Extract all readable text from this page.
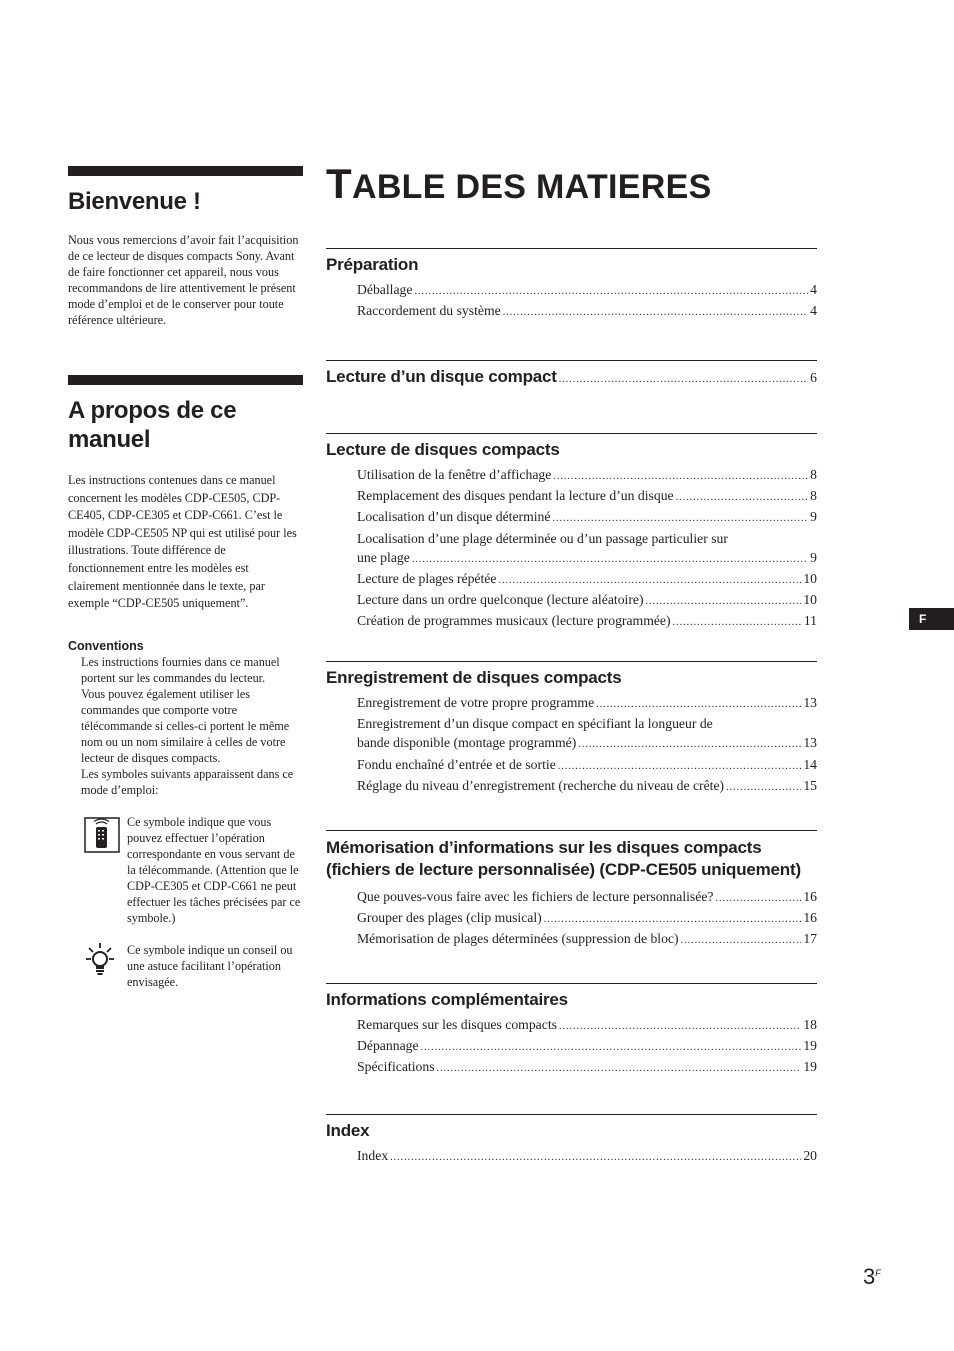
Bienvenue !

Nous vous remercions d’avoir fait l’acquisition de ce lecteur de disques compacts Sony. Avant de faire fonctionner cet appareil, nous vous recommandons de lire attentivement le présent mode d’emploi et de le conserver pour toute référence ultérieure.

A propos de ce
manuel

Les instructions contenues dans ce manuel concernent les modèles CDP-CE505, CDP-CE405, CDP-CE305 et CDP-C661. C’est le modèle CDP-CE505 NP qui est utilisé pour les illustrations. Toute différence de fonctionnement entre les modèles est clairement mentionnée dans le texte, par exemple “CDP-CE505 uniquement”.

Conventions
Les instructions fournies dans ce manuel portent sur les commandes du lecteur.
Vous pouvez également utiliser les commandes que comporte votre télécommande si celles-ci portent le même nom ou un nom similaire à celles de votre lecteur de disques compacts.
Les symboles suivants apparaissent dans ce mode d’emploi:
Ce symbole indique que vous pouvez effectuer l’opération correspondante en vous servant de la télécommande. (Attention que le CDP-CE305 et CDP-C661 ne peut effectuer les tâches précisées par ce symbole.)
Ce symbole indique un conseil ou une astuce facilitant l’opération envisagée.
TABLE DES MATIERES
Préparation
Déballage .....	4
Raccordement du système .....	4
Lecture d’un disque compact .....	6
Lecture de disques compacts
Utilisation de la fenêtre d’affichage .....	8
Remplacement des disques pendant la lecture d’un disque .....	8
Localisation d’un disque déterminé .....	9
Localisation d’une plage déterminée ou d’un passage particulier sur
une plage .....	9
Lecture de plages répétée .....	10
Lecture dans un ordre quelconque (lecture aléatoire) .....	10
Création de programmes musicaux (lecture programmée) .....	11
Enregistrement de disques compacts
Enregistrement de votre propre programme .....	13
Enregistrement d’un disque compact en spécifiant la longueur de
bande disponible (montage programmé) .....	13
Fondu enchaîné d’entrée et de sortie .....	14
Réglage du niveau d’enregistrement (recherche du niveau de crête) .....	15
Mémorisation d’informations sur les disques compacts
(fichiers de lecture personnalisée) (CDP-CE505 uniquement)
Que pouves-vous faire avec les fichiers de lecture personnalisée? .....	16
Grouper des plages (clip musical) .....	16
Mémorisation de plages déterminées (suppression de bloc) .....	17
Informations complémentaires
Remarques sur les disques compacts .....	18
Dépannage .....	19
Spécifications .....	19
Index
Index .....	20
F
$3^F$
